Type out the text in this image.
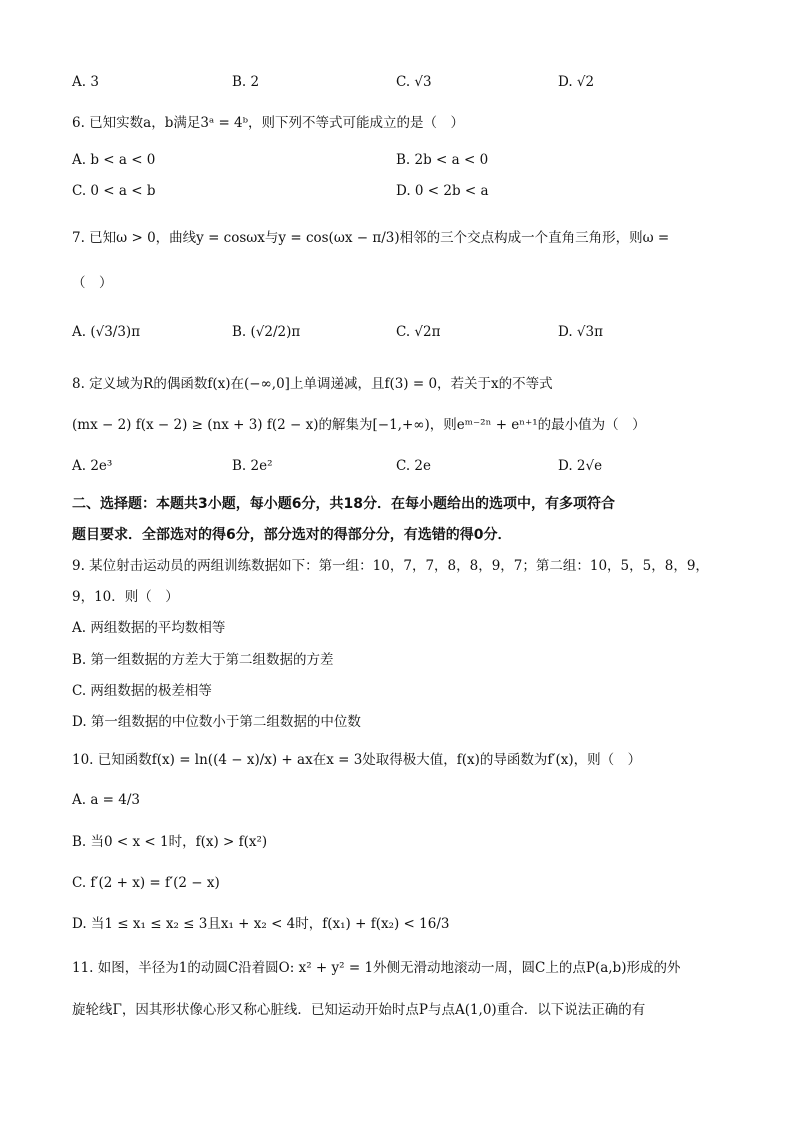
A. 3	B. 2	C. √3	D. √2
6. 已知实数a，b满足3ᵃ = 4ᵇ，则下列不等式可能成立的是（　）
A. b < a < 0	B. 2b < a < 0
C. 0 < a < b	D. 0 < 2b < a
7. 已知ω > 0，曲线y = cosωx与y = cos(ωx − π/3)相邻的三个交点构成一个直角三角形，则ω =
（　）
A. (√3/3)π	B. (√2/2)π	C. √2π	D. √3π
8. 定义域为R的偶函数f(x)在(−∞,0]上单调递减，且f(3) = 0，若关于x的不等式
(mx − 2) f(x − 2) ≥ (nx + 3) f(2 − x)的解集为[−1,+∞)，则eᵐ⁻²ⁿ + eⁿ⁺¹的最小值为（　）
A. 2e³	B. 2e²	C. 2e	D. 2√e
二、选择题：本题共3小题，每小题6分，共18分．在每小题给出的选项中，有多项符合
题目要求．全部选对的得6分，部分选对的得部分分，有选错的得0分．
9. 某位射击运动员的两组训练数据如下：第一组：10，7，7，8，8，9，7；第二组：10，5，5，8，9，
9，10．则（　）
A. 两组数据的平均数相等
B. 第一组数据的方差大于第二组数据的方差
C. 两组数据的极差相等
D. 第一组数据的中位数小于第二组数据的中位数
10. 已知函数f(x) = ln((4 − x)/x) + ax在x = 3处取得极大值，f(x)的导函数为f′(x)，则（　）
A. a = 4/3
B. 当0 < x < 1时，f(x) > f(x²)
C. f′(2 + x) = f′(2 − x)
D. 当1 ≤ x₁ ≤ x₂ ≤ 3且x₁ + x₂ < 4时，f(x₁) + f(x₂) < 16/3
11. 如图，半径为1的动圆C沿着圆O: x² + y² = 1外侧无滑动地滚动一周，圆C上的点P(a,b)形成的外
旋轮线Γ，因其形状像心形又称心脏线．已知运动开始时点P与点A(1,0)重合．以下说法正确的有
